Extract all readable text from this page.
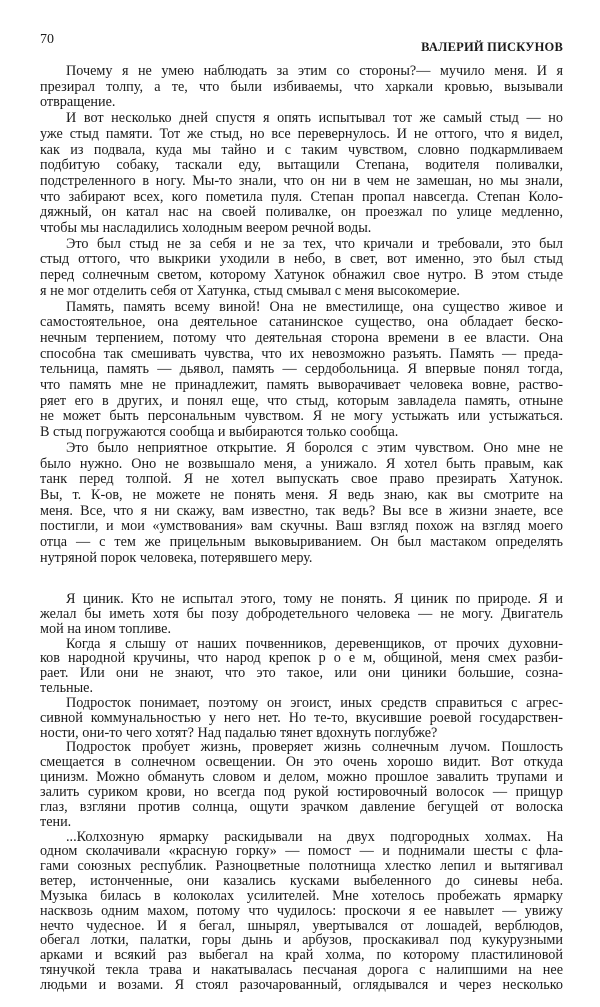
70	ВАЛЕРИЙ ПИСКУНОВ
Почему я не умею наблюдать за этим со стороны?— мучило меня. И я
презирал толпу, а те, что были избиваемы, что харкали кровью, вызывали
отвращение.
И вот несколько дней спустя я опять испытывал тот же самый стыд — но
уже стыд памяти. Тот же стыд, но все перевернулось. И не оттого, что я видел,
как из подвала, куда мы тайно и с таким чувством, словно подкармливаем
подбитую собаку, таскали еду, вытащили Степана, водителя поливалки,
подстреленного в ногу. Мы-то знали, что он ни в чем не замешан, но мы знали,
что забирают всех, кого пометила пуля. Степан пропал навсегда. Степан Коло-
дяжный, он катал нас на своей поливалке, он проезжал по улице медленно,
чтобы мы насладились холодным веером речной воды.
Это был стыд не за себя и не за тех, что кричали и требовали, это был
стыд оттого, что выкрики уходили в небо, в свет, вот именно, это был стыд
перед солнечным светом, которому Хатунок обнажил свое нутро. В этом стыде
я не мог отделить себя от Хатунка, стыд смывал с меня высокомерие.
Память, память всему виной! Она не вместилище, она существо живое и
самостоятельное, она деятельное сатанинское существо, она обладает беско-
нечным терпением, потому что деятельная сторона времени в ее власти. Она
способна так смешивать чувства, что их невозможно разъять. Память — преда-
тельница, память — дьявол, память — сердобольница. Я впервые понял тогда,
что память мне не принадлежит, память выворачивает человека вовне, раство-
ряет его в других, и понял еще, что стыд, которым завладела память, отныне
не может быть персональным чувством. Я не могу устыжать или устыжаться.
В стыд погружаются сообща и выбираются только сообща.
Это было неприятное открытие. Я боролся с этим чувством. Оно мне не
было нужно. Оно не возвышало меня, а унижало. Я хотел быть правым, как
танк перед толпой. Я не хотел выпускать свое право презирать Хатунок.
Вы, т. К-ов, не можете не понять меня. Я ведь знаю, как вы смотрите на
меня. Все, что я ни скажу, вам известно, так ведь? Вы все в жизни знаете, все
постигли, и мои «умствования» вам скучны. Ваш взгляд похож на взгляд моего
отца — с тем же прицельным выковыриванием. Он был мастаком определять
нутряной порок человека, потерявшего меру.
Я циник. Кто не испытал этого, тому не понять. Я циник по природе. Я и
желал бы иметь хотя бы позу добродетельного человека — не могу. Двигатель
мой на ином топливе.
Когда я слышу от наших почвенников, деревенщиков, от прочих духовни-
ков народной кручины, что народ крепок р о е м, общиной, меня смех разби-
рает. Или они не знают, что это такое, или они циники большие, созна-
тельные.
Подросток понимает, поэтому он эгоист, иных средств справиться с агрес-
сивной коммунальностью у него нет. Но те-то, вкусившие роевой государствен-
ности, они-то чего хотят? Над падалью тянет вдохнуть поглубже?
Подросток пробует жизнь, проверяет жизнь солнечным лучом. Пошлость
смещается в солнечном освещении. Он это очень хорошо видит. Вот откуда
цинизм. Можно обмануть словом и делом, можно прошлое завалить трупами и
залить суриком крови, но всегда под рукой юстировочный волосок — прищур
глаз, взгляни против солнца, ощути зрачком давление бегущей от волоска
тени.
...Колхозную ярмарку раскидывали на двух подгородных холмах. На
одном сколачивали «красную горку» — помост — и поднимали шесты с фла-
гами союзных республик. Разноцветные полотнища хлестко лепил и вытягивал
ветер, истонченные, они казались кусками выбеленного до синевы неба.
Музыка билась в колоколах усилителей. Мне хотелось пробежать ярмарку
насквозь одним махом, потому что чудилось: проскочи я ее навылет — увижу
нечто чудесное. И я бегал, шнырял, увертывался от лошадей, верблюдов,
обегал лотки, палатки, горы дынь и арбузов, проскакивал под кукурузными
арками и всякий раз выбегал на край холма, по которому пластилиновой
тянучкой текла трава и накатывалась песчаная дорога с налипшими на нее
людьми и возами. Я стоял разочарованный, оглядывался и через несколько
